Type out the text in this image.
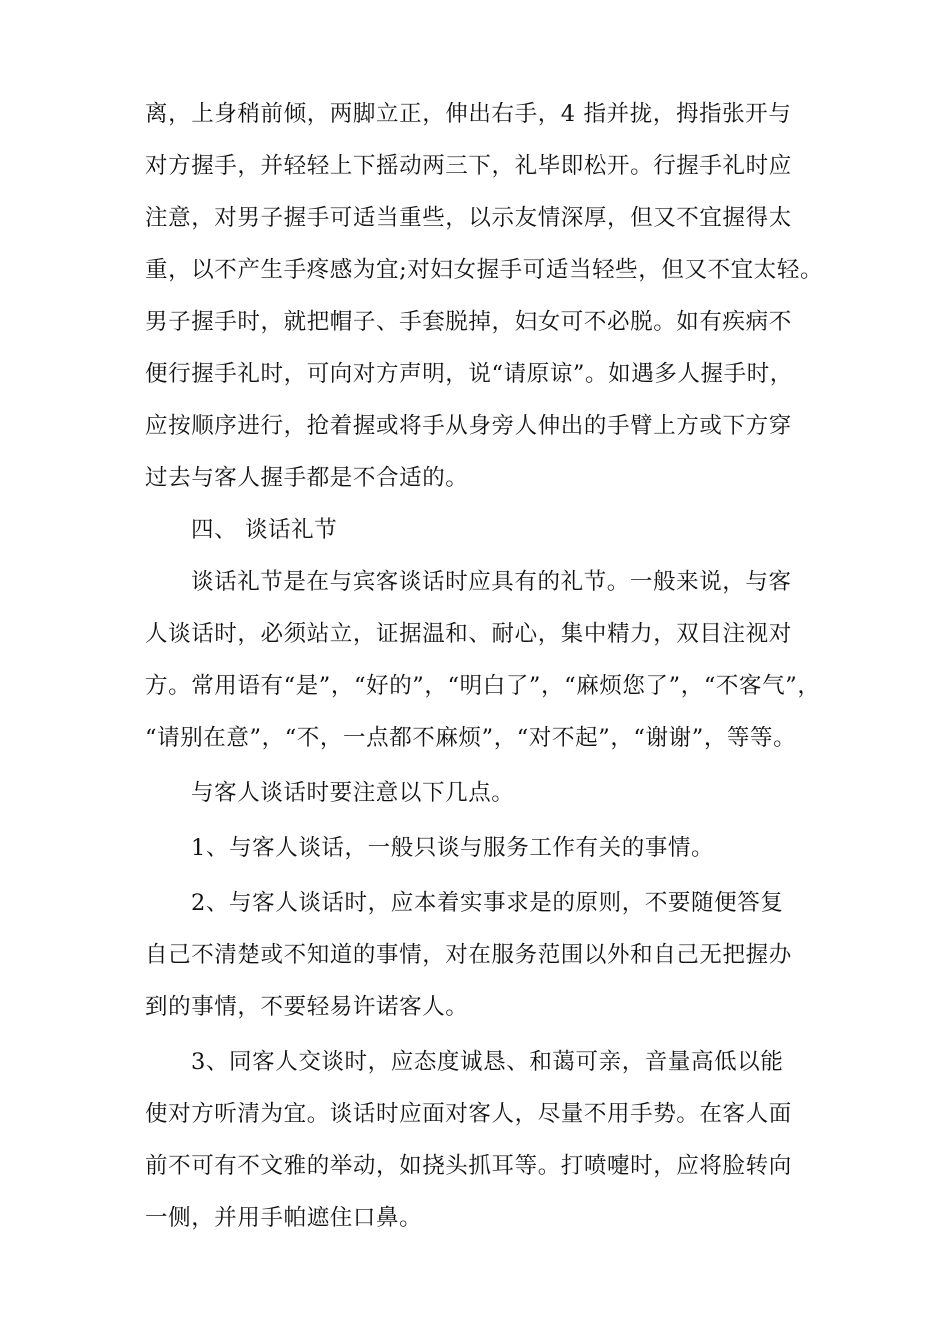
离，上身稍前倾，两脚立正，伸出右手，4 指并拢，拇指张开与
对方握手，并轻轻上下摇动两三下，礼毕即松开。行握手礼时应
注意，对男子握手可适当重些，以示友情深厚，但又不宜握得太
重，以不产生手疼感为宜;对妇女握手可适当轻些，但又不宜太轻。
男子握手时，就把帽子、手套脱掉，妇女可不必脱。如有疾病不
便行握手礼时，可向对方声明，说“请原谅”。如遇多人握手时，
应按顺序进行，抢着握或将手从身旁人伸出的手臂上方或下方穿
过去与客人握手都是不合适的。
四、 谈话礼节
谈话礼节是在与宾客谈话时应具有的礼节。一般来说，与客
人谈话时，必须站立，证据温和、耐心，集中精力，双目注视对
方。常用语有“是”，“好的”，“明白了”，“麻烦您了”，“不客气”，
“请别在意”，“不，一点都不麻烦”，“对不起”，“谢谢”，等等。
与客人谈话时要注意以下几点。
1、与客人谈话，一般只谈与服务工作有关的事情。
2、与客人谈话时，应本着实事求是的原则，不要随便答复
自己不清楚或不知道的事情，对在服务范围以外和自己无把握办
到的事情，不要轻易许诺客人。
3、同客人交谈时，应态度诚恳、和蔼可亲，音量高低以能
使对方听清为宜。谈话时应面对客人，尽量不用手势。在客人面
前不可有不文雅的举动，如挠头抓耳等。打喷嚏时，应将脸转向
一侧，并用手帕遮住口鼻。
